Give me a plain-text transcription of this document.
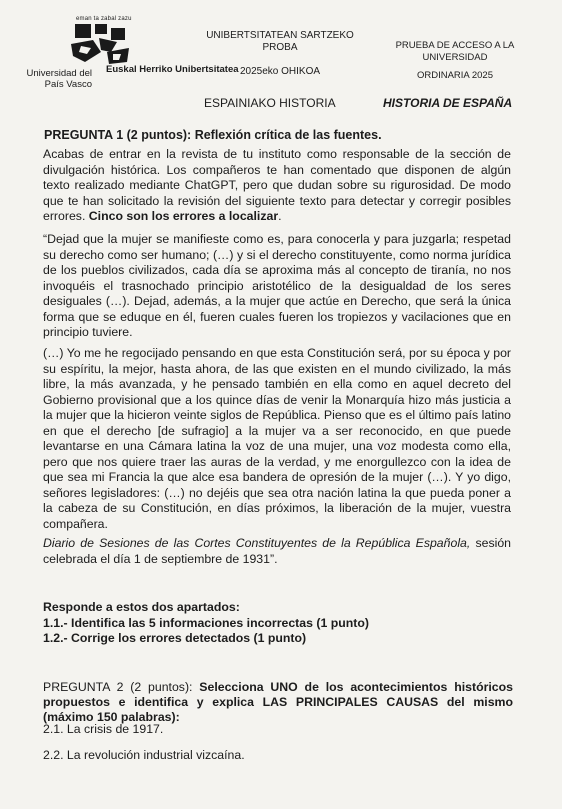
eman ta zabal zazu
Universidad del País Vasco
Euskal Herriko Unibertsitatea
UNIBERTSITATEAN SARTZEKO PROBA
2025eko OHIKOA
PRUEBA DE ACCESO A LA UNIVERSIDAD
ORDINARIA 2025
ESPAINIAKO HISTORIA	HISTORIA DE ESPAÑA
PREGUNTA 1 (2 puntos): Reflexión crítica de las fuentes.
Acabas de entrar en la revista de tu instituto como responsable de la sección de divulgación histórica. Los compañeros te han comentado que disponen de algún texto realizado mediante ChatGPT, pero que dudan sobre su rigurosidad. De modo que te han solicitado la revisión del siguiente texto para detectar y corregir posibles errores. Cinco son los errores a localizar.
“Dejad que la mujer se manifieste como es, para conocerla y para juzgarla; respetad su derecho como ser humano; (…) y si el derecho constituyente, como norma jurídica de los pueblos civilizados, cada día se aproxima más al concepto de tiranía, no nos invoquéis el trasnochado principio aristotélico de la desigualdad de los seres desiguales (…). Dejad, además, a la mujer que actúe en Derecho, que será la única forma que se eduque en él, fueren cuales fueren los tropiezos y vacilaciones que en principio tuviere.
(…) Yo me he regocijado pensando en que esta Constitución será, por su época y por su espíritu, la mejor, hasta ahora, de las que existen en el mundo civilizado, la más libre, la más avanzada, y he pensado también en ella como en aquel decreto del Gobierno provisional que a los quince días de venir la Monarquía hizo más justicia a la mujer que la hicieron veinte siglos de República. Pienso que es el último país latino en que el derecho [de sufragio] a la mujer va a ser reconocido, en que puede levantarse en una Cámara latina la voz de una mujer, una voz modesta como ella, pero que nos quiere traer las auras de la verdad, y me enorgullezco con la idea de que sea mi Francia la que alce esa bandera de opresión de la mujer (…). Y yo digo, señores legisladores: (…) no dejéis que sea otra nación latina la que pueda poner a la cabeza de su Constitución, en días próximos, la liberación de la mujer, vuestra compañera.
Diario de Sesiones de las Cortes Constituyentes de la República Española, sesión celebrada el día 1 de septiembre de 1931”.
Responde a estos dos apartados:
1.1.- Identifica las 5 informaciones incorrectas (1 punto)
1.2.- Corrige los errores detectados (1 punto)
PREGUNTA 2 (2 puntos): Selecciona UNO de los acontecimientos históricos propuestos e identifica y explica LAS PRINCIPALES CAUSAS del mismo (máximo 150 palabras):
2.1. La crisis de 1917.
2.2. La revolución industrial vizcaína.
